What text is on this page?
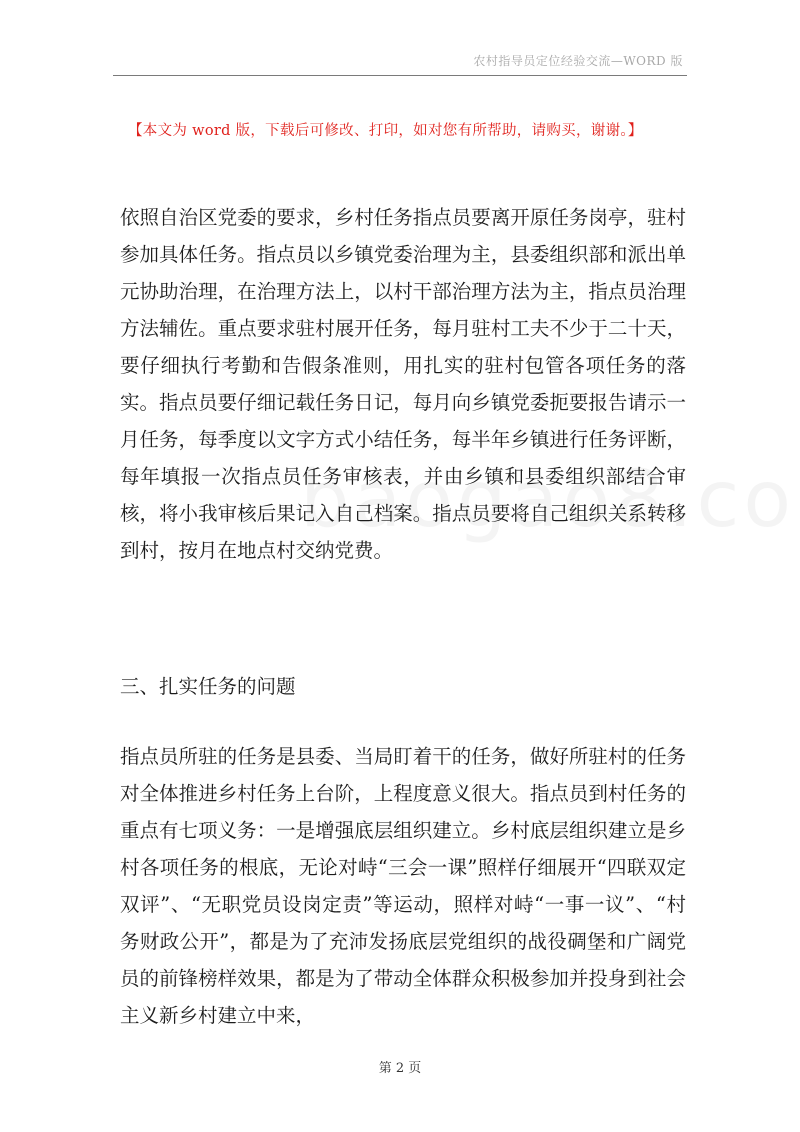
农村指导员定位经验交流—WORD 版
【本文为 word 版，下载后可修改、打印，如对您有所帮助，请购买，谢谢。】

依照自治区党委的要求，乡村任务指点员要离开原任务岗亭，驻村参加具体任务。指点员以乡镇党委治理为主，县委组织部和派出单元协助治理，在治理方法上，以村干部治理方法为主，指点员治理方法辅佐。重点要求驻村展开任务，每月驻村工夫不少于二十天，要仔细执行考勤和告假条准则，用扎实的驻村包管各项任务的落实。指点员要仔细记载任务日记，每月向乡镇党委扼要报告请示一月任务，每季度以文字方式小结任务，每半年乡镇进行任务评断，每年填报一次指点员任务审核表，并由乡镇和县委组织部结合审核，将小我审核后果记入自己档案。指点员要将自己组织关系转移到村，按月在地点村交纳党费。

三、扎实任务的问题

指点员所驻的任务是县委、当局盯着干的任务，做好所驻村的任务对全体推进乡村任务上台阶，上程度意义很大。指点员到村任务的重点有七项义务：一是增强底层组织建立。乡村底层组织建立是乡村各项任务的根底，无论对峙“三会一课”照样仔细展开“四联双定双评”、“无职党员设岗定责”等运动，照样对峙“一事一议”、“村务财政公开”，都是为了充沛发扬底层党组织的战役碉堡和广阔党员的前锋榜样效果，都是为了带动全体群众积极参加并投身到社会主义新乡村建立中来，

第 2 页
